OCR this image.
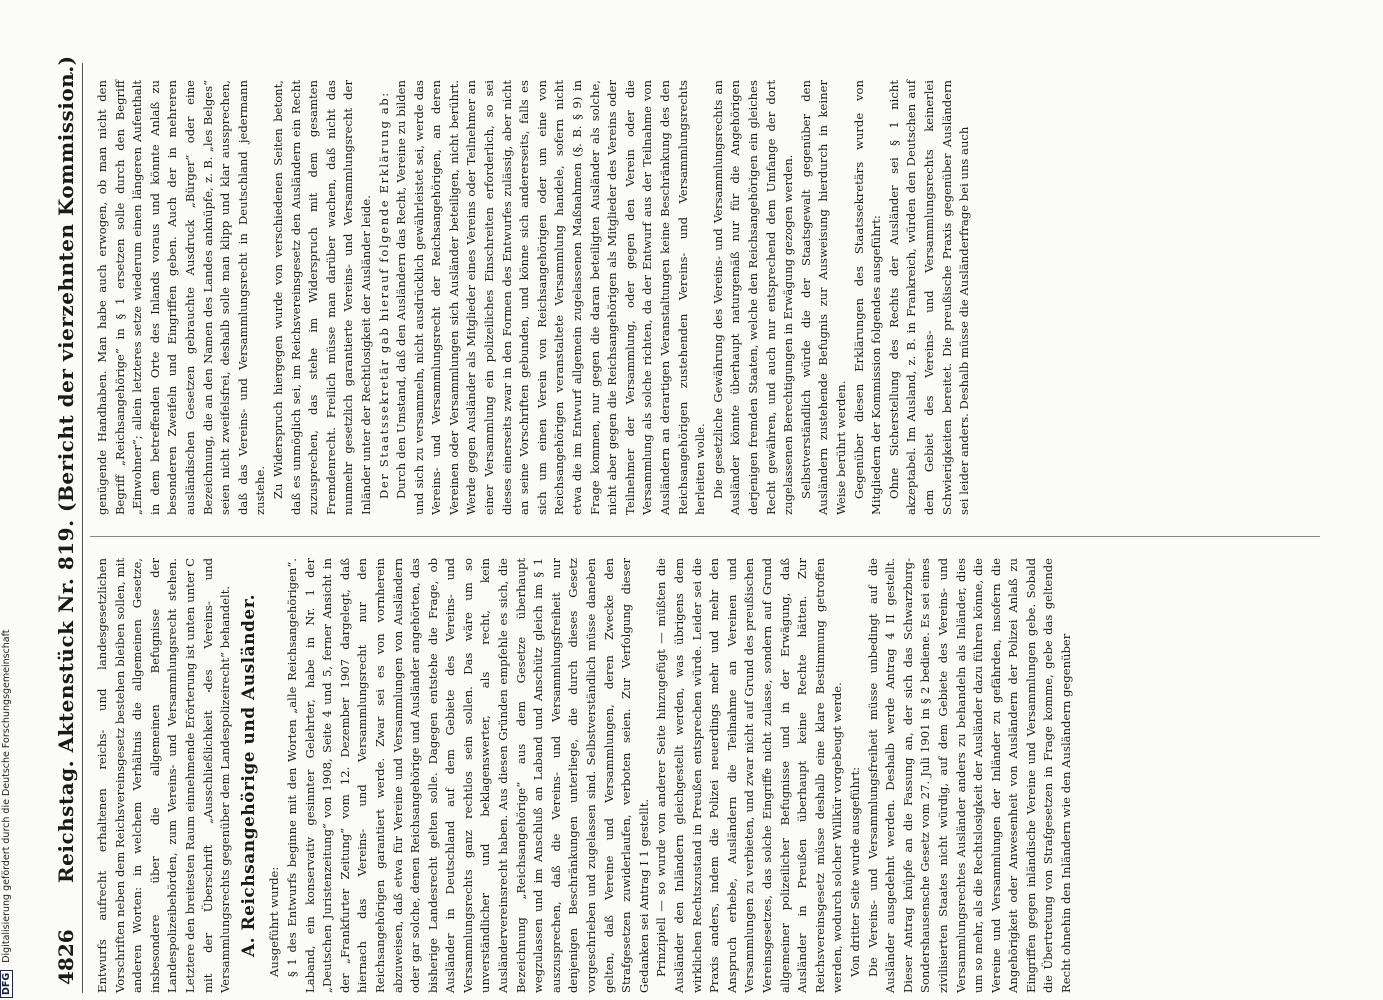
4826
Reichstag. Aktenstück Nr. 819. (Bericht der vierzehnten Kommission.) Entwurfs aufrecht erhaltenen reichs- und landesgesetzlichen Vorschriften neben dem Reichsvereinsgesetz bestehen bleiben sollen, mit anderen Worten: in welchem Verhältnis die allgemeinen Gesetze, insbesondere über die allgemeinen Befugnisse der Landespolizeibehörden, zum Vereins- und Versammlungsrecht stehen. Letztere den breitesten Raum einnehmende Erörterung ist unten unter C mit der Überschrift „Ausschließlichkeit des Vereins- und Versammlungsrechts gegenüber dem Landespolizeirecht“ behandelt. A. Reichsangehörige und Ausländer. Ausgeführt wurde: § 1 des Entwurfs beginne mit den Worten „alle Reichsangehörigen“. Laband, ein konservativ gesinnter Gelehrter, habe in Nr. 1 der „Deutschen Juristenzeitung“ von 1908, Seite 4 und 5, ferner Ansicht in der „Frankfurter Zeitung“ vom 12. Dezember 1907 dargelegt, daß hiernach das Vereins- und Versammlungsrecht nur den Reichsangehörigen garantiert werde. Zwar sei es von vornherein abzuweisen, daß etwa für Vereine und Versammlungen von Ausländern oder gar solche, denen Reichsangehörige und Ausländer angehörten, das bisherige Landesrecht gelten solle. Dagegen entstehe die Frage, ob Ausländer in Deutschland auf dem Gebiete des Vereins- und Versammlungsrechts ganz rechtlos sein sollen. Das wäre um so unverständlicher und beklagenswerter, als recht, kein Ausländervereinsrecht haben. Aus diesen Gründen empfehle es sich, die Bezeichnung „Reichsangehörige“ aus dem Gesetze überhaupt wegzulassen und im Anschluß an Laband und Anschütz gleich im § 1 auszusprechen, daß die Vereins- und Versammlungsfreiheit nur denjenigen Beschränkungen unterliege, die durch dieses Gesetz vorgeschrieben und zugelassen sind. Selbstverständlich müsse daneben gelten, daß Vereine und Versammlungen, deren Zwecke den Strafgesetzen zuwiderlaufen, verboten seien. Zur Verfolgung dieser Gedanken sei Antrag I 1 gestellt. Prinzipiell — so wurde von anderer Seite hinzugefügt — müßten die Ausländer den Inländern gleichgestellt werden, was übrigens dem wirklichen Rechtszustand in Preußen entsprechen würde. Leider sei die Praxis anders, indem die Polizei neuerdings mehr und mehr den Anspruch erhebe, Ausländern die Teilnahme an Vereinen und Versammlungen zu verbieten, und zwar nicht auf Grund des preußischen Vereinsgesetzes, das solche Eingriffe nicht zulasse, sondern auf Grund allgemeiner polizeilicher Befugnisse und in der Erwägung, daß Ausländer in Preußen überhaupt keine Rechte hätten. Zur Reichsvereinsgesetz müsse deshalb eine klare Bestimmung getroffen werden, wodurch solcher Willkür vorgebeugt werde. Von dritter Seite wurde ausgeführt: Die Vereins- und Versammlungsfreiheit müsse unbedingt auf die Ausländer ausgedehnt werden. Deshalb werde Antrag 4 II gestellt. Dieser Antrag knüpfe an die Fassung an, der sich das Schwarzburg-Sondershausensche Gesetz vom 27. Juli 1901 in § 2 bediene. Es sei eines zivilisierten Staates nicht würdig, auf dem Gebiete des Vereins- und Versammlungsrechtes Ausländer anders zu behandeln als Inländer, dies um so mehr, als die Rechtslosigkeit der Ausländer dazu führen könne, die Vereine und Versammlungen der Inländer zu gefährden, insofern die Angehörigkeit oder Anwesenheit von Ausländern der Polizei Anlaß zu Eingriffen gegen inländische Vereine und Versammlungen gebe. Sobald die Übertretung von Strafgesetzen in Frage komme, gebe das geltende Recht ohnehin den Inländern wie den Ausländern gegenüber

genügende Handhaben. Man habe auch erwogen, ob man nicht den Begriff „Reichsangehörige“ in § 1 ersetzen solle durch den Begriff „Einwohner“; allein letzteres setze wiederum einen längeren Aufenthalt in dem betreffenden Orte des Inlands voraus und könnte Anlaß zu besonderen Zweifeln und Eingriffen geben. Auch der in mehreren ausländischen Gesetzen gebrauchte Ausdruck „Bürger“ oder eine Bezeichnung, die an den Namen des Landes anknüpfe, z. B. „les Belges“ seien nicht zweifelsfrei, deshalb solle man klipp und klar aussprechen, daß das Vereins- und Versammlungsrecht in Deutschland jedermann zustehe. Zu Widerspruch hiergegen wurde von verschiedenen Seiten betont, daß es unmöglich sei, im Reichsvereinsgesetz den Ausländern ein Recht zuzusprechen, das stehe im Widerspruch mit dem gesamten Fremdenrecht. Freilich müsse man darüber wachen, daß nicht das nunmehr gesetzlich garantierte Vereins- und Versammlungsrecht der Inländer unter der Rechtlosigkeit der Ausländer leide. Der Staatssekretär gab hierauf folgende Erklärung ab: Durch den Umstand, daß den Ausländern das Recht, Vereine zu bilden und sich zu versammeln, nicht ausdrücklich gewährleistet sei, werde das Vereins- und Versammlungsrecht der Reichsangehörigen, an deren Vereinen oder Versammlungen sich Ausländer beteiligen, nicht berührt. Werde gegen Ausländer als Mitglieder eines Vereins oder Teilnehmer an einer Versammlung ein polizeiliches Einschreiten erforderlich, so sei dieses einerseits zwar in den Formen des Entwurfes zulässig, aber nicht an seine Vorschriften gebunden, und könne sich andererseits, falls es sich um einen Verein von Reichsangehörigen oder um eine von Reichsangehörigen veranstaltete Versammlung handele, sofern nicht etwa die im Entwurf allgemein zugelassenen Maßnahmen (§. B. § 9) in Frage kommen, nur gegen die daran beteiligten Ausländer als solche, nicht aber gegen die Reichsangehörigen als Mitglieder des Vereins oder Teilnehmer der Versammlung, oder gegen den Verein oder die Versammlung als solche richten, da der Entwurf aus der Teilnahme von Ausländern an derartigen Veranstaltungen keine Beschränkung des den Reichsangehörigen zustehenden Vereins- und Versammlungsrechts herleiten wolle. Die gesetzliche Gewährung des Vereins- und Versammlungsrechts an Ausländer könnte überhaupt naturgemäß nur für die Angehörigen derjenigen fremden Staaten, welche den Reichsangehörigen ein gleiches Recht gewähren, und auch nur entsprechend dem Umfange der dort zugelassenen Berechtigungen in Erwägung gezogen werden. Selbstverständlich würde die der Staatsgewalt gegenüber den Ausländern zustehende Befugnis zur Ausweisung hierdurch in keiner Weise berührt werden. Gegenüber diesen Erklärungen des Staatssekretärs wurde von Mitgliedern der Kommission folgendes ausgeführt: Ohne Sicherstellung des Rechts der Ausländer sei § 1 nicht akzeptabel. Im Ausland, z. B. in Frankreich, würden den Deutschen auf dem Gebiet des Vereins- und Versammlungsrechts keinerlei Schwierigkeiten bereitet. Die preußische Praxis gegenüber Ausländern sei leider anders. Deshalb müsse die Ausländerfrage bei uns auch

DFG Digitalisierung gefördert durch die Deutsche Forschungsgemeinschaft
